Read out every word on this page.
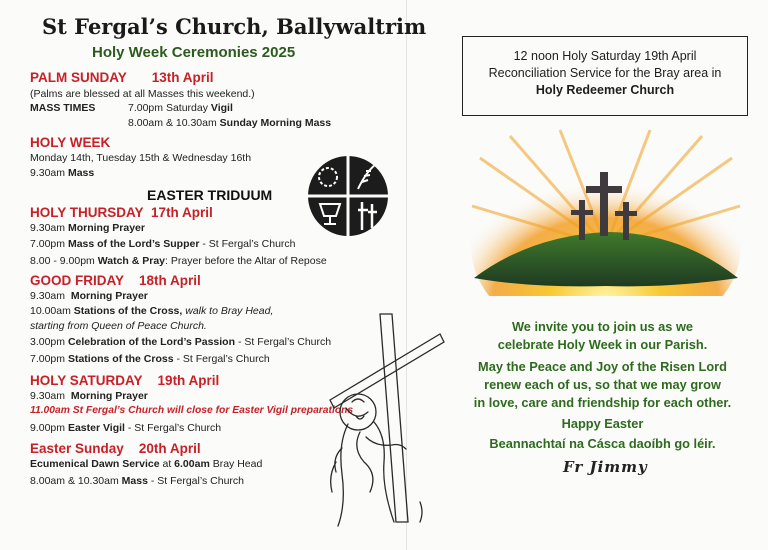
St Fergal’s Church, Ballywaltrim
Holy Week Ceremonies 2025
PALM SUNDAY 13th April
(Palms are blessed at all Masses this weekend.)
MASS TIMES	7.00pm Saturday Vigil
8.00am & 10.30am Sunday Morning Mass
HOLY WEEK
Monday 14th, Tuesday 15th & Wednesday 16th
9.30am Mass
EASTER TRIDUUM
HOLY THURSDAY 17th April
9.30am Morning Prayer
7.00pm Mass of the Lord’s Supper - St Fergal’s Church
8.00 - 9.00pm Watch & Pray: Prayer before the Altar of Repose
GOOD FRIDAY 18th April
9.30am Morning Prayer
10.00am Stations of the Cross, walk to Bray Head,
starting from Queen of Peace Church.
3.00pm Celebration of the Lord’s Passion - St Fergal’s Church
7.00pm Stations of the Cross - St Fergal’s Church
HOLY SATURDAY 19th April
9.30am Morning Prayer
11.00am St Fergal’s Church will close for Easter Vigil preparations
9.00pm Easter Vigil - St Fergal’s Church
Easter Sunday 20th April
Ecumenical Dawn Service at 6.00am Bray Head
8.00am & 10.30am Mass - St Fergal’s Church
12 noon Holy Saturday 19th April
Reconciliation Service for the Bray area in
Holy Redeemer Church
We invite you to join us as we
celebrate Holy Week in our Parish.
May the Peace and Joy of the Risen Lord
renew each of us, so that we may grow
in love, care and friendship for each other.
Happy Easter
Beannachtaí na Cásca daoíbh go léir.
Fr Jimmy
